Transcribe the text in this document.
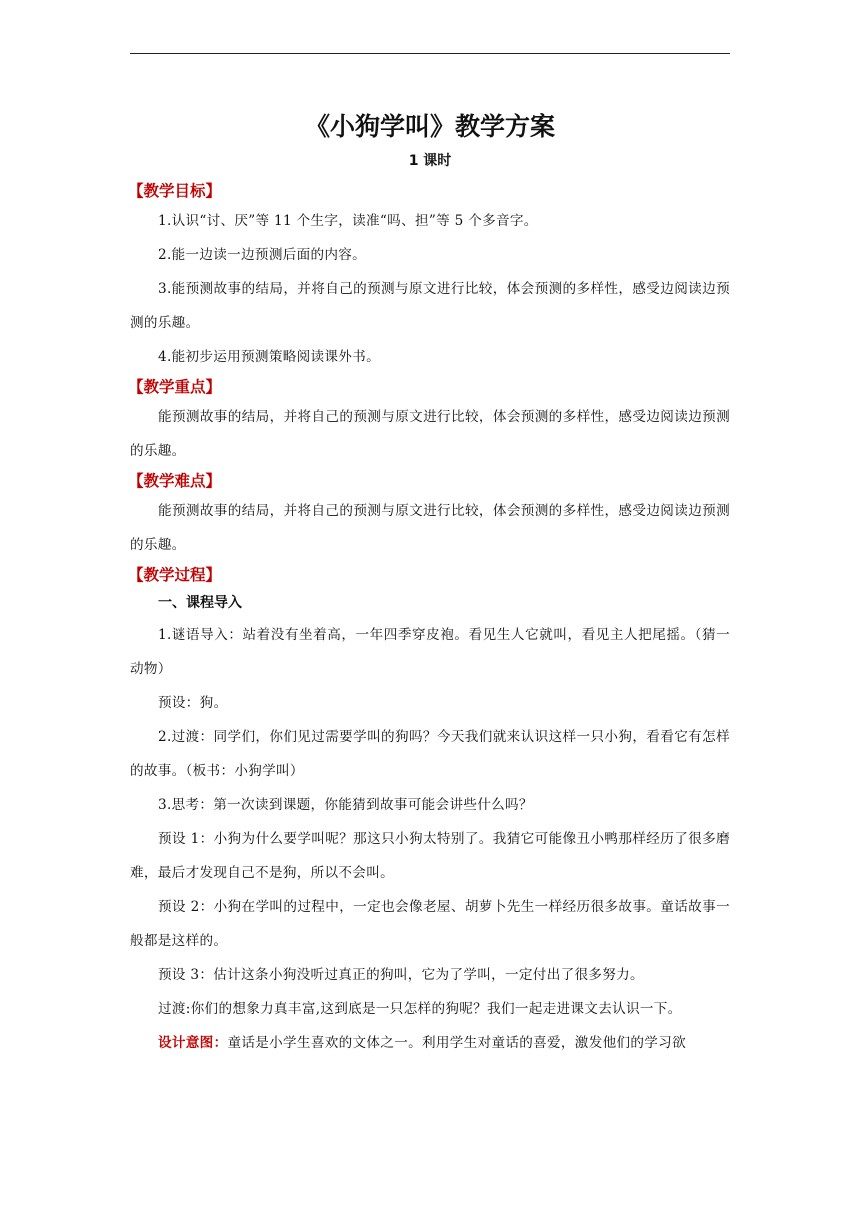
《小狗学叫》教学方案
1 课时
【教学目标】

1.认识“讨、厌”等 11 个生字，读准“吗、担”等 5 个多音字。

2.能一边读一边预测后面的内容。

3.能预测故事的结局，并将自己的预测与原文进行比较，体会预测的多样性，感受边阅读边预测的乐趣。

4.能初步运用预测策略阅读课外书。

【教学重点】

能预测故事的结局，并将自己的预测与原文进行比较，体会预测的多样性，感受边阅读边预测的乐趣。

【教学难点】

能预测故事的结局，并将自己的预测与原文进行比较，体会预测的多样性，感受边阅读边预测的乐趣。

【教学过程】
一、课程导入

1.谜语导入：站着没有坐着高，一年四季穿皮袍。看见生人它就叫，看见主人把尾摇。（猜一动物）

预设：狗。

2.过渡：同学们，你们见过需要学叫的狗吗？今天我们就来认识这样一只小狗，看看它有怎样的故事。（板书：小狗学叫）

3.思考：第一次读到课题，你能猜到故事可能会讲些什么吗？

预设 1：小狗为什么要学叫呢？那这只小狗太特别了。我猜它可能像丑小鸭那样经历了很多磨难，最后才发现自己不是狗，所以不会叫。

预设 2：小狗在学叫的过程中，一定也会像老屋、胡萝卜先生一样经历很多故事。童话故事一般都是这样的。

预设 3：估计这条小狗没听过真正的狗叫，它为了学叫，一定付出了很多努力。

过渡:你们的想象力真丰富,这到底是一只怎样的狗呢？我们一起走进课文去认识一下。

设计意图：童话是小学生喜欢的文体之一。利用学生对童话的喜爱，激发他们的学习欲
